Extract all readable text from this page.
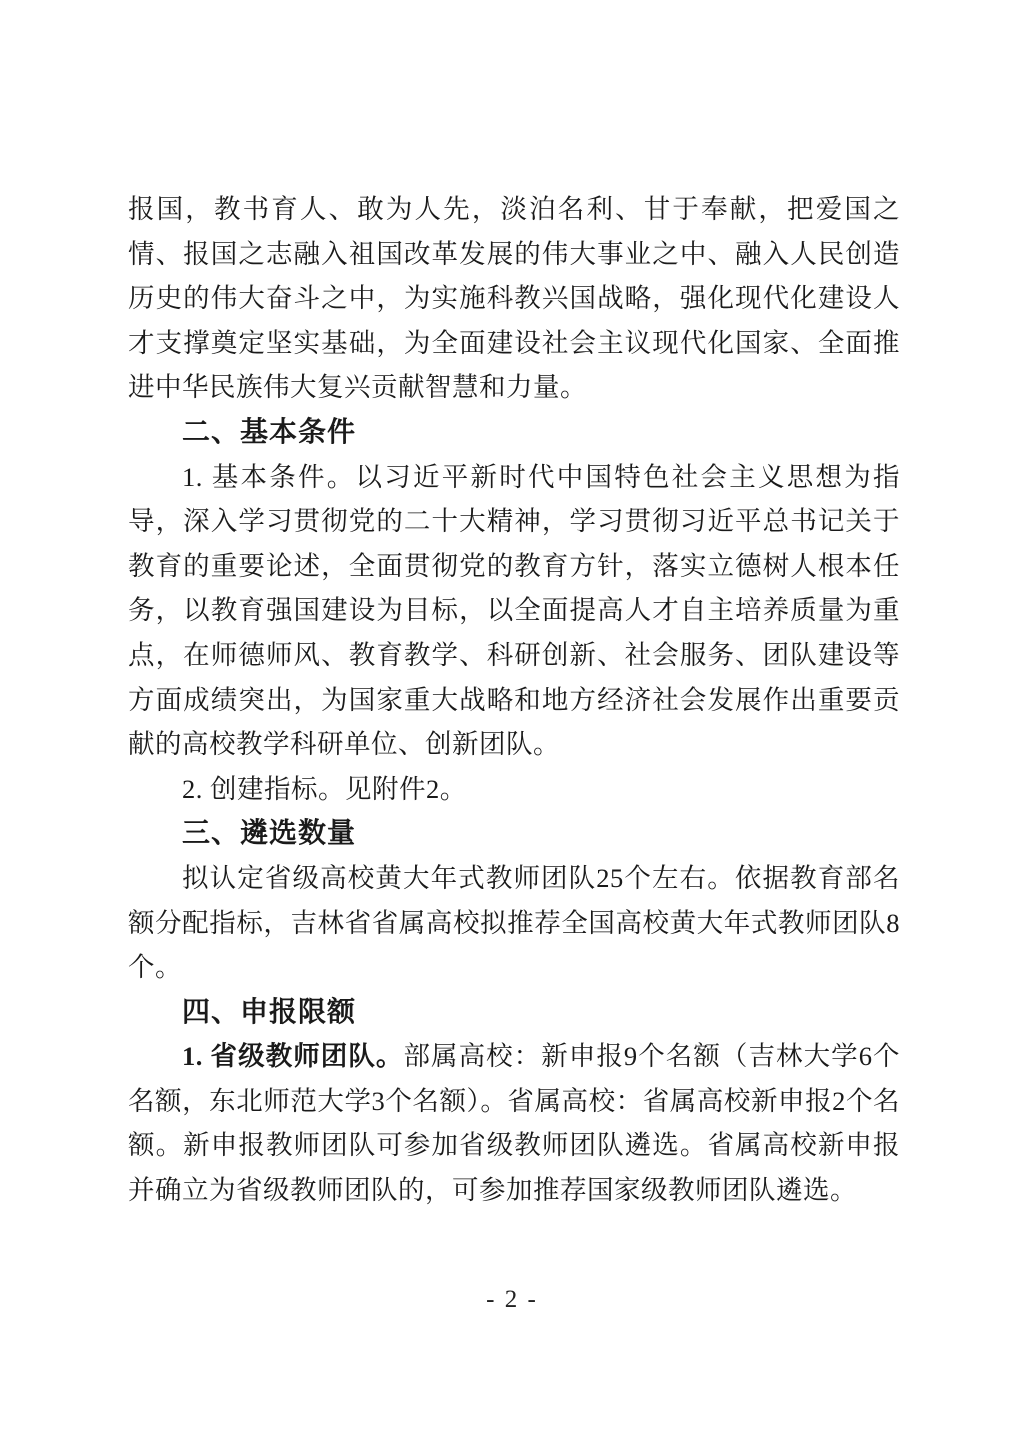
报国，教书育人、敢为人先，淡泊名利、甘于奉献，把爱国之情、报国之志融入祖国改革发展的伟大事业之中、融入人民创造历史的伟大奋斗之中，为实施科教兴国战略，强化现代化建设人才支撑奠定坚实基础，为全面建设社会主议现代化国家、全面推进中华民族伟大复兴贡献智慧和力量。

二、基本条件

1. 基本条件。以习近平新时代中国特色社会主义思想为指导，深入学习贯彻党的二十大精神，学习贯彻习近平总书记关于教育的重要论述，全面贯彻党的教育方针，落实立德树人根本任务，以教育强国建设为目标，以全面提高人才自主培养质量为重点，在师德师风、教育教学、科研创新、社会服务、团队建设等方面成绩突出，为国家重大战略和地方经济社会发展作出重要贡献的高校教学科研单位、创新团队。

2. 创建指标。见附件2。

三、遴选数量

拟认定省级高校黄大年式教师团队25个左右。依据教育部名额分配指标，吉林省省属高校拟推荐全国高校黄大年式教师团队8个。

四、申报限额

1. 省级教师团队。部属高校：新申报9个名额（吉林大学6个名额，东北师范大学3个名额）。省属高校：省属高校新申报2个名额。新申报教师团队可参加省级教师团队遴选。省属高校新申报并确立为省级教师团队的，可参加推荐国家级教师团队遴选。

- 2 -
